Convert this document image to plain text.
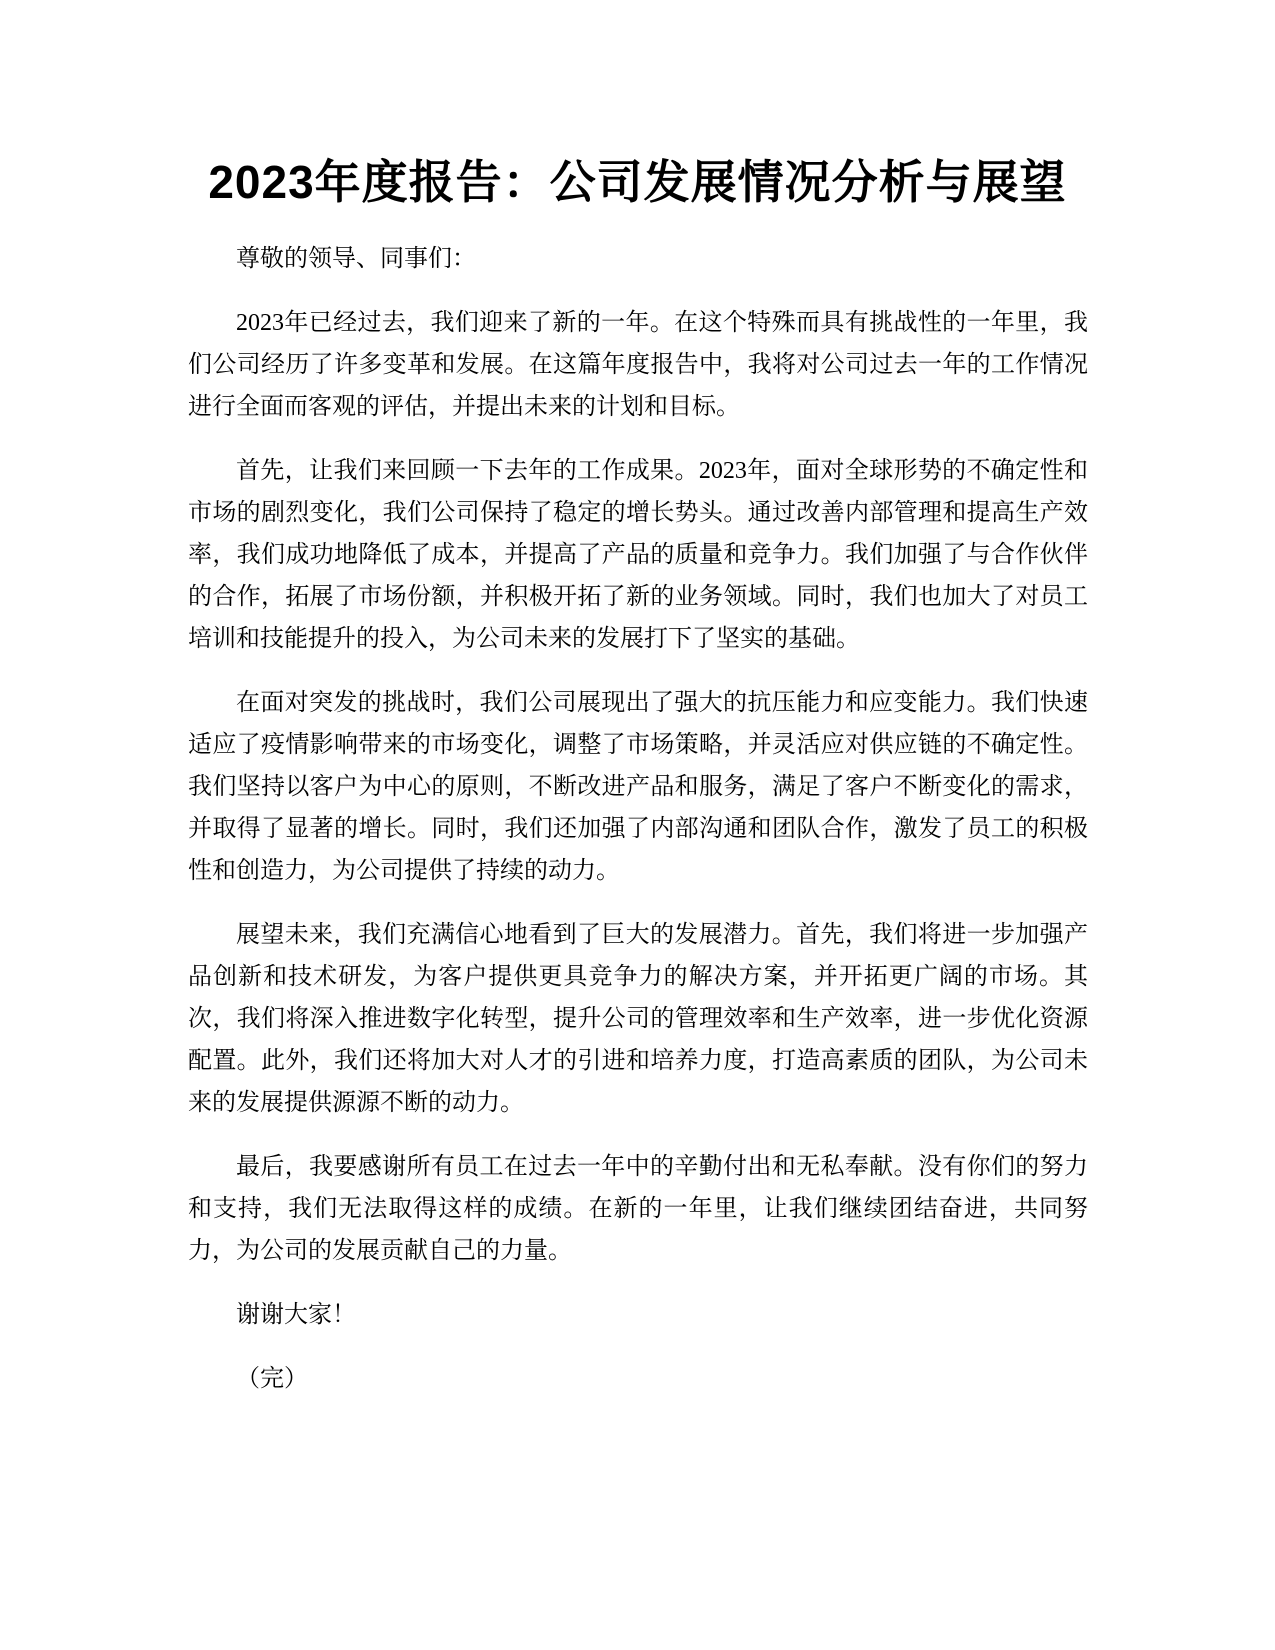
2023年度报告：公司发展情况分析与展望

尊敬的领导、同事们：

2023年已经过去，我们迎来了新的一年。在这个特殊而具有挑战性的一年里，我们公司经历了许多变革和发展。在这篇年度报告中，我将对公司过去一年的工作情况进行全面而客观的评估，并提出未来的计划和目标。

首先，让我们来回顾一下去年的工作成果。2023年，面对全球形势的不确定性和市场的剧烈变化，我们公司保持了稳定的增长势头。通过改善内部管理和提高生产效率，我们成功地降低了成本，并提高了产品的质量和竞争力。我们加强了与合作伙伴的合作，拓展了市场份额，并积极开拓了新的业务领域。同时，我们也加大了对员工培训和技能提升的投入，为公司未来的发展打下了坚实的基础。

在面对突发的挑战时，我们公司展现出了强大的抗压能力和应变能力。我们快速适应了疫情影响带来的市场变化，调整了市场策略，并灵活应对供应链的不确定性。我们坚持以客户为中心的原则，不断改进产品和服务，满足了客户不断变化的需求，并取得了显著的增长。同时，我们还加强了内部沟通和团队合作，激发了员工的积极性和创造力，为公司提供了持续的动力。

展望未来，我们充满信心地看到了巨大的发展潜力。首先，我们将进一步加强产品创新和技术研发，为客户提供更具竞争力的解决方案，并开拓更广阔的市场。其次，我们将深入推进数字化转型，提升公司的管理效率和生产效率，进一步优化资源配置。此外，我们还将加大对人才的引进和培养力度，打造高素质的团队，为公司未来的发展提供源源不断的动力。

最后，我要感谢所有员工在过去一年中的辛勤付出和无私奉献。没有你们的努力和支持，我们无法取得这样的成绩。在新的一年里，让我们继续团结奋进，共同努力，为公司的发展贡献自己的力量。

谢谢大家！

（完）
